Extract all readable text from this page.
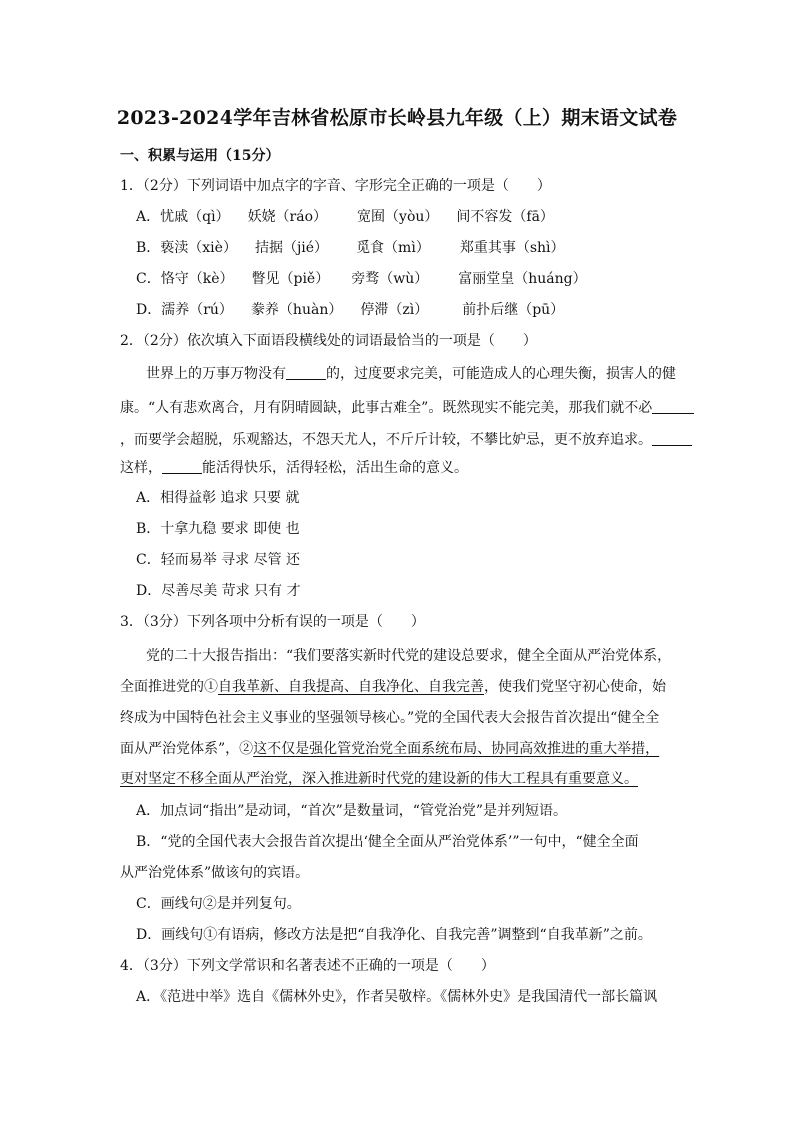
2023-2024学年吉林省松原市长岭县九年级（上）期末语文试卷
一、积累与运用（15分）
1．（2分）下列词语中加点字的字音、字形完全正确的一项是（　　）
A．忧戚（qì） 妖娆（ráo） 宽囿（yòu） 间不容发（fā）
B．亵渎（xiè） 拮据（jié） 觅食（mì） 郑重其事（shì）
C．恪守（kè） 瞥见（piě） 旁骛（wù） 富丽堂皇（huáng）
D．濡养（rú） 豢养（huàn） 停滞（zì） 前扑后继（pū）
2．（2分）依次填入下面语段横线处的词语最恰当的一项是（　　）
世界上的万事万物没有	的，过度要求完美，可能造成人的心理失衡，损害人的健
康。“人有悲欢离合，月有阴晴圆缺，此事古难全”。既然现实不能完美，那我们就不必
，而要学会超脱，乐观豁达，不怨天尤人，不斤斤计较，不攀比妒忌，更不放弃追求。
这样，	能活得快乐，活得轻松，活出生命的意义。
A．相得益彰 追求 只要 就
B．十拿九稳 要求 即使 也
C．轻而易举 寻求 尽管 还
D．尽善尽美 苛求 只有 才
3．（3分）下列各项中分析有误的一项是（　　）
党的二十大报告指出：“我们要落实新时代党的建设总要求，健全全面从严治党体系，
全面推进党的①自我革新、自我提高、自我净化、自我完善，使我们党坚守初心使命，始
终成为中国特色社会主义事业的坚强领导核心。”党的全国代表大会报告首次提出“健全全
面从严治党体系”，②这不仅是强化管党治党全面系统布局、协同高效推进的重大举措，
更对坚定不移全面从严治党，深入推进新时代党的建设新的伟大工程具有重要意义。
A．加点词“指出”是动词，“首次”是数量词，“管党治党”是并列短语。
B．“党的全国代表大会报告首次提出‘健全全面从严治党体系’”一句中，“健全全面
从严治党体系”做该句的宾语。
C．画线句②是并列复句。
D．画线句①有语病，修改方法是把“自我净化、自我完善”调整到“自我革新”之前。
4．（3分）下列文学常识和名著表述不正确的一项是（　　）
A．《范进中举》选自《儒林外史》，作者吴敬梓。《儒林外史》是我国清代一部长篇讽
